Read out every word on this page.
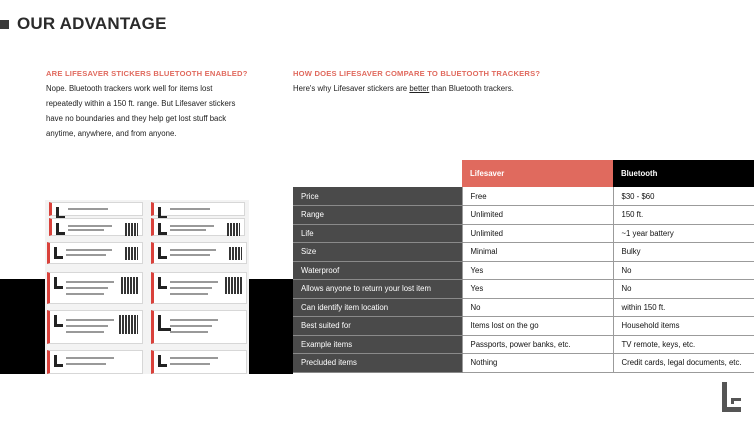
OUR ADVANTAGE
ARE LIFESAVER STICKERS BLUETOOTH ENABLED?
Nope. Bluetooth trackers work well for items lost
repeatedly within a 150 ft. range. But Lifesaver stickers
have no boundaries and they help get lost stuff back
anytime, anywhere, and from anyone.
HOW DOES LIFESAVER COMPARE TO BLUETOOTH TRACKERS?
Here's why Lifesaver stickers are better than Bluetooth trackers.
	Lifesaver	Bluetooth
Price	Free	$30 - $60
Range	Unlimited	150 ft.
Life	Unlimited	~1 year battery
Size	Minimal	Bulky
Waterproof	Yes	No
Allows anyone to return your lost item	Yes	No
Can identify item location	No	within 150 ft.
Best suited for	Items lost on the go	Household items
Example items	Passports, power banks, etc.	TV remote, keys, etc.
Precluded items	Nothing	Credit cards, legal documents, etc.
